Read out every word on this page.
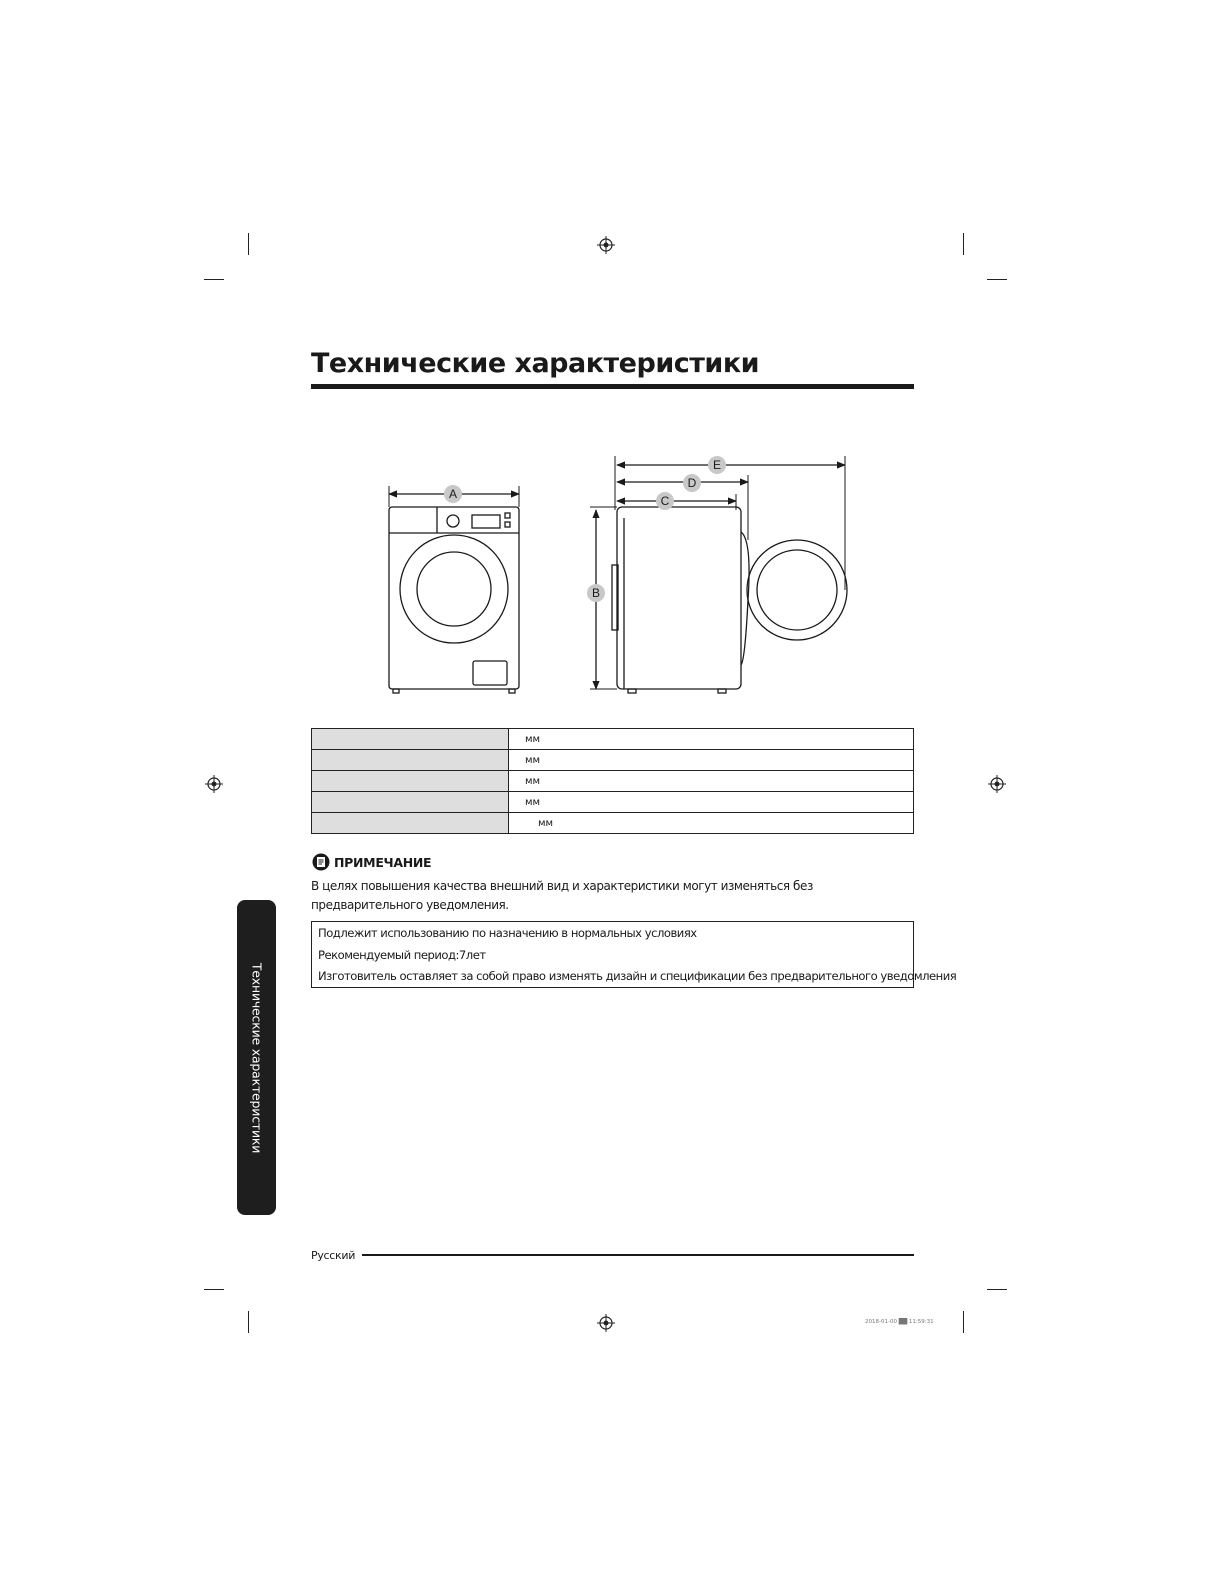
Технические характеристики
A
B
C
D
E
	мм
	мм
	мм
	мм
	мм
ПРИМЕЧАНИЕ
В целях повышения качества внешний вид и характеристики могут изменяться без предварительного уведомления.
Подлежит использованию по назначению в нормальных условиях
Рекомендуемый период:7лет
Изготовитель оставляет за собой право изменять дизайн и спецификации без предварительного уведомления
Технические характеристики
Русский
2018-01-00 ██ 11:59:31
